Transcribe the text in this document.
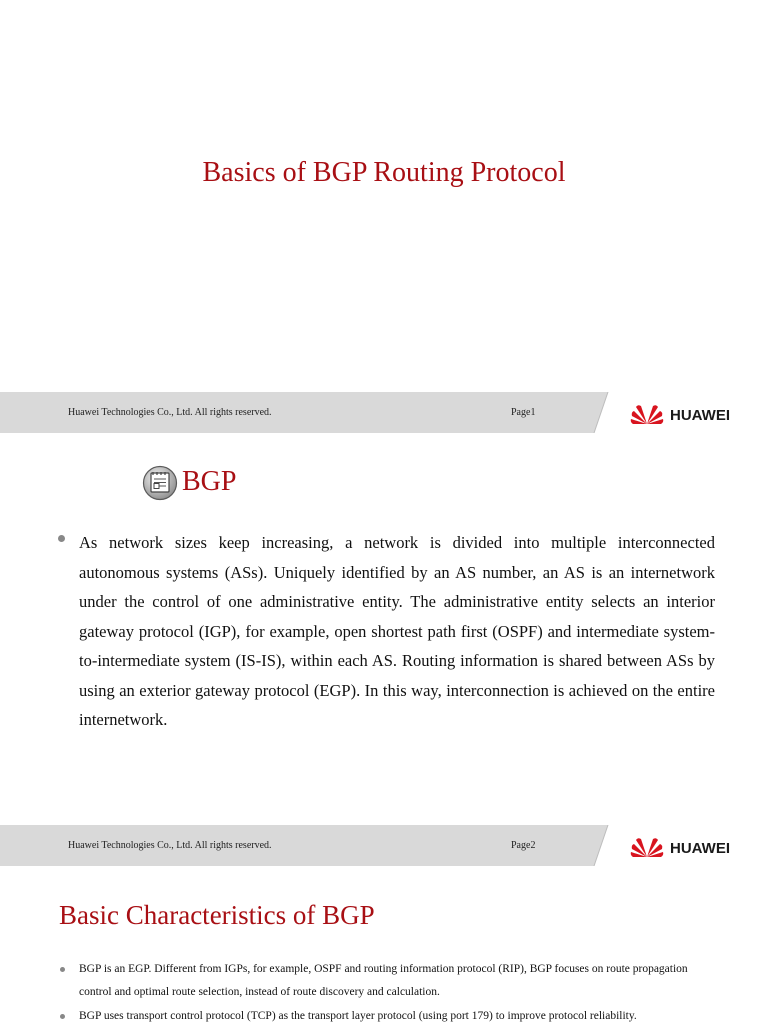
Basics of BGP Routing Protocol
Huawei Technologies Co., Ltd. All rights reserved.	Page1	HUAWEI
BGP
As network sizes keep increasing, a network is divided into multiple interconnected autonomous systems (ASs). Uniquely identified by an AS number, an AS is an internetwork under the control of one administrative entity. The administrative entity selects an interior gateway protocol (IGP), for example, open shortest path first (OSPF) and intermediate system-to-intermediate system (IS-IS), within each AS. Routing information is shared between ASs by using an exterior gateway protocol (EGP). In this way, interconnection is achieved on the entire internetwork.
Huawei Technologies Co., Ltd. All rights reserved.	Page2	HUAWEI
Basic Characteristics of BGP
BGP is an EGP. Different from IGPs, for example, OSPF and routing information protocol (RIP), BGP focuses on route propagation control and optimal route selection, instead of route discovery and calculation.
BGP uses transport control protocol (TCP) as the transport layer protocol (using port 179) to improve protocol reliability.
